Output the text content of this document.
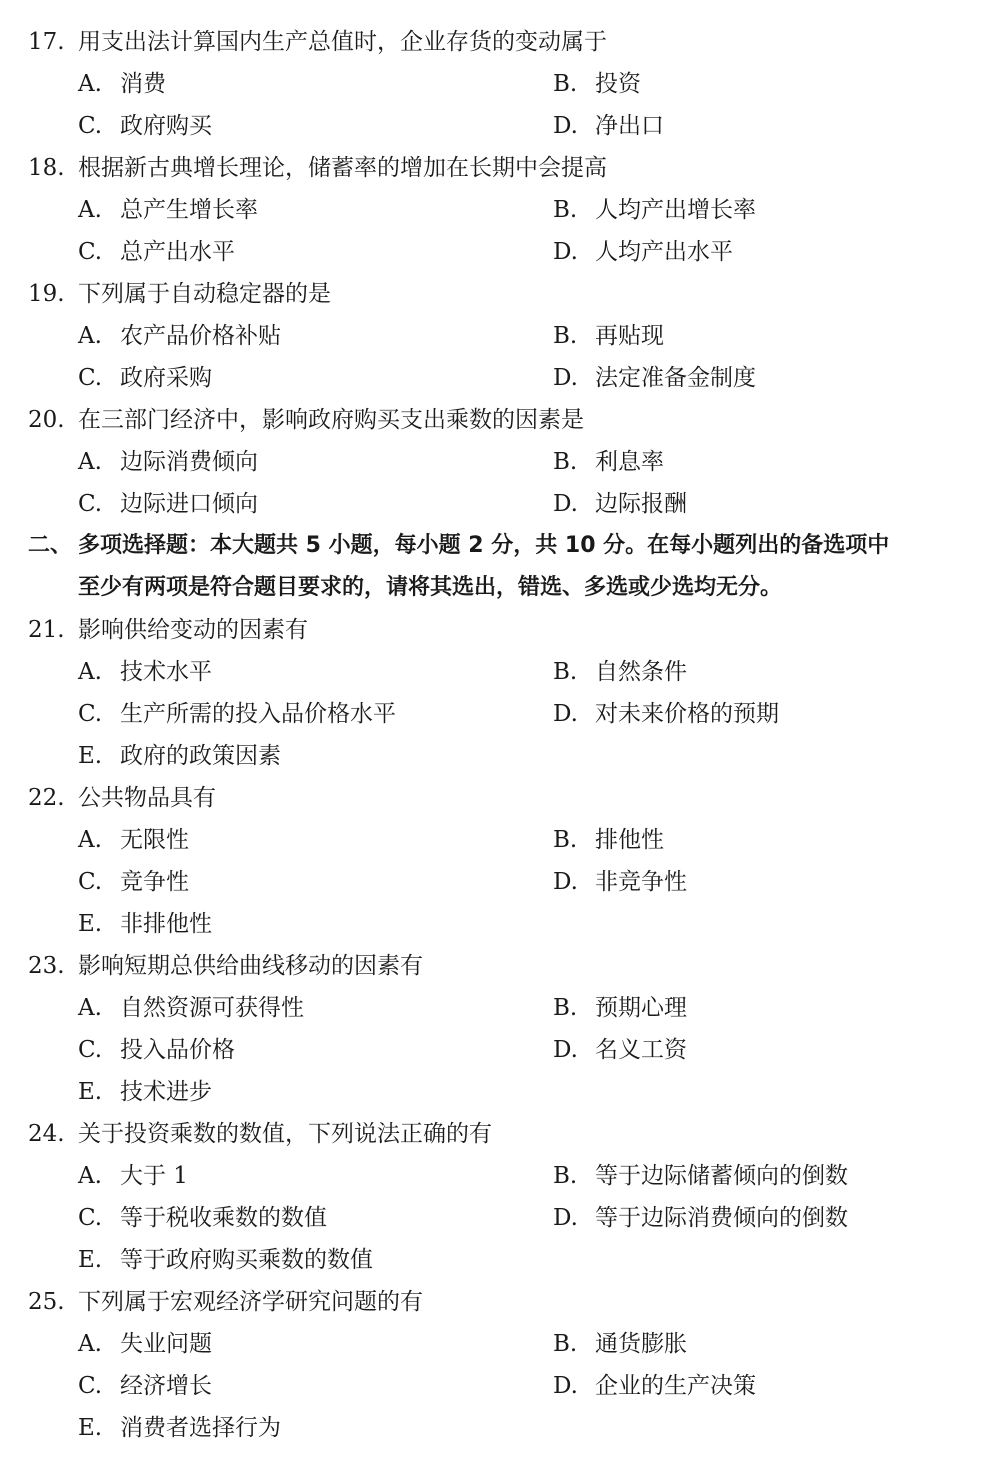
17. 用支出法计算国内生产总值时，企业存货的变动属于
A. 消费	B. 投资
C. 政府购买	D. 净出口
18. 根据新古典增长理论，储蓄率的增加在长期中会提高
A. 总产生增长率	B. 人均产出增长率
C. 总产出水平	D. 人均产出水平
19. 下列属于自动稳定器的是
A. 农产品价格补贴	B. 再贴现
C. 政府采购	D. 法定准备金制度
20. 在三部门经济中，影响政府购买支出乘数的因素是
A. 边际消费倾向	B. 利息率
C. 边际进口倾向	D. 边际报酬
二、 多项选择题：本大题共 5 小题，每小题 2 分，共 10 分。在每小题列出的备选项中
至少有两项是符合题目要求的，请将其选出，错选、多选或少选均无分。
21. 影响供给变动的因素有
A. 技术水平	B. 自然条件
C. 生产所需的投入品价格水平	D. 对未来价格的预期
E. 政府的政策因素
22. 公共物品具有
A. 无限性	B. 排他性
C. 竞争性	D. 非竞争性
E. 非排他性
23. 影响短期总供给曲线移动的因素有
A. 自然资源可获得性	B. 预期心理
C. 投入品价格	D. 名义工资
E. 技术进步
24. 关于投资乘数的数值，下列说法正确的有
A. 大于 1	B. 等于边际储蓄倾向的倒数
C. 等于税收乘数的数值	D. 等于边际消费倾向的倒数
E. 等于政府购买乘数的数值
25. 下列属于宏观经济学研究问题的有
A. 失业问题	B. 通货膨胀
C. 经济增长	D. 企业的生产决策
E. 消费者选择行为
